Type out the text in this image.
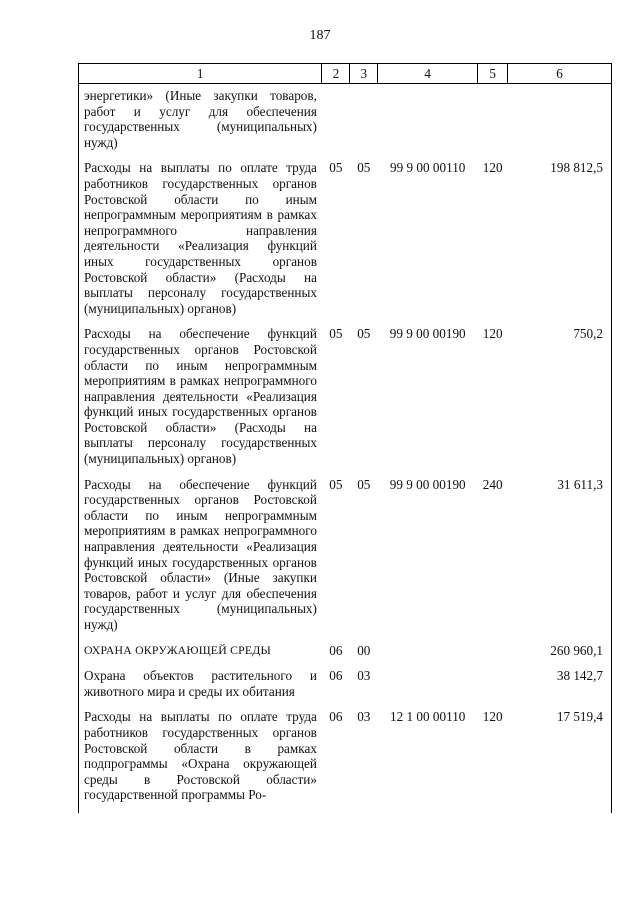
187
1	2	3	4	5	6
энергетики» (Иные закупки товаров, работ и услуг для обеспечения государственных (муниципальных) нужд)					
Расходы на выплаты по оплате труда работников государственных органов Ростовской области по иным непрограммным мероприятиям в рамках непрограммного направления деятельности «Реализация функций иных государственных органов Ростовской области» (Расходы на выплаты персоналу государственных (муниципальных) органов)	05	05	99 9 00 00110	120	198 812,5
Расходы на обеспечение функций государственных органов Ростовской области по иным непрограммным мероприятиям в рамках непрограммного направления деятельности «Реализация функций иных государственных органов Ростовской области» (Расходы на выплаты персоналу государственных (муниципальных) органов)	05	05	99 9 00 00190	120	750,2
Расходы на обеспечение функций государственных органов Ростовской области по иным непрограммным мероприятиям в рамках непрограммного направления деятельности «Реализация функций иных государственных органов Ростовской области» (Иные закупки товаров, работ и услуг для обеспечения государственных (муниципальных) нужд)	05	05	99 9 00 00190	240	31 611,3
ОХРАНА ОКРУЖАЮЩЕЙ СРЕДЫ	06	00			260 960,1
Охрана объектов растительного и животного мира и среды их обитания	06	03			38 142,7
Расходы на выплаты по оплате труда работников государственных органов Ростовской области в рамках подпрограммы «Охрана окружающей среды в Ростовской области» государственной программы Ро-	06	03	12 1 00 00110	120	17 519,4
